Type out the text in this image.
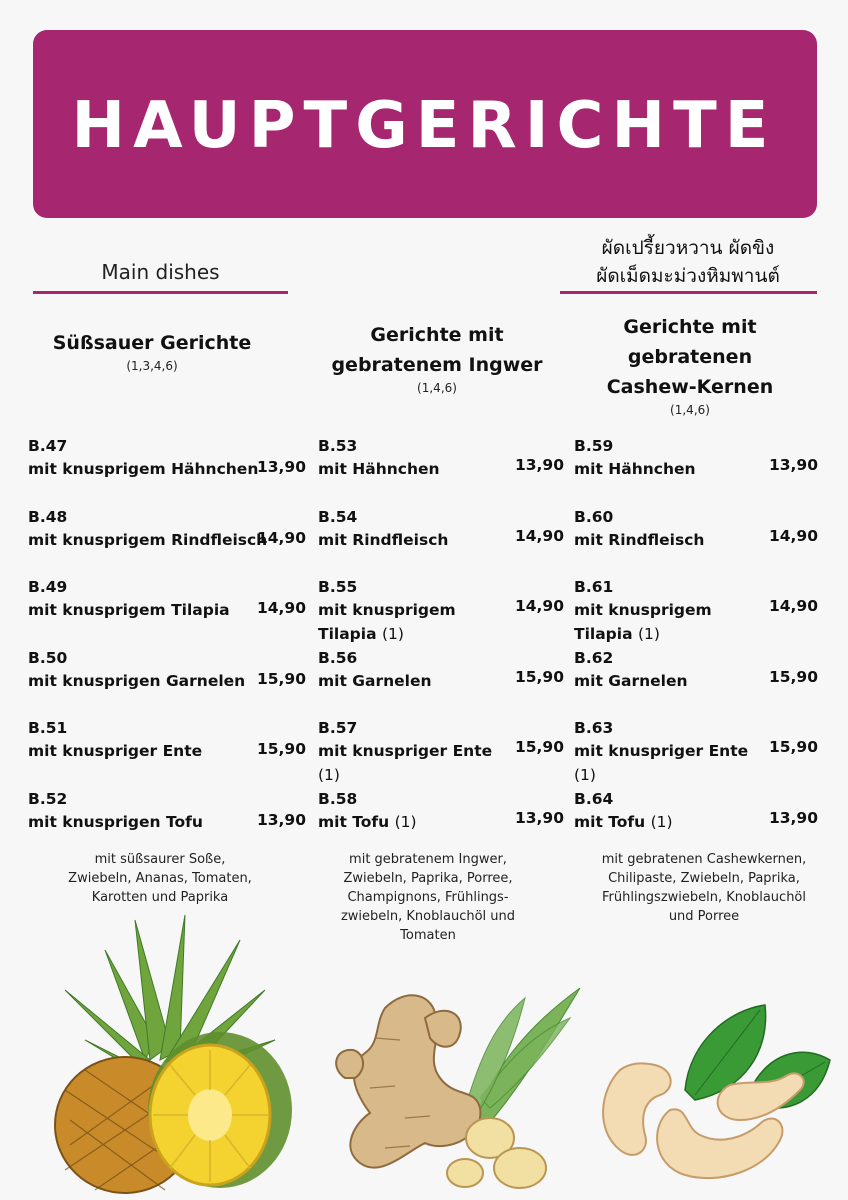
HAUPTGERICHTE
Main dishes
ผัดเปรี้ยวหวาน ผัดขิง
ผัดเม็ดมะม่วงหิมพานต์
Süßsauer Gerichte
(1,3,4,6)
Gerichte mit
gebratenem Ingwer
(1,4,6)
Gerichte mit
gebratenen
Cashew-Kernen
(1,4,6)
B.47
mit knusprigem Hähnchen
13,90
B.48
mit knusprigem Rindfleisch
14,90
B.49
mit knusprigem Tilapia	14,90
B.50
mit knusprigen Garnelen 15,90
B.51
mit knuspriger Ente	15,90
B.52
mit knusprigen Tofu	13,90
B.53
mit Hähnchen	13,90
B.54
mit Rindfleisch	14,90
B.55
mit knusprigem Tilapia (1)
14,90
B.56
mit Garnelen	15,90
B.57
mit knuspriger Ente (1)
15,90
B.58
mit Tofu (1)	13,90
B.59
mit Hähnchen	13,90
B.60
mit Rindfleisch	14,90
B.61
mit knusprigem Tilapia (1)
14,90
B.62
mit Garnelen	15,90
B.63
mit knuspriger Ente (1)
15,90
B.64
mit Tofu (1)	13,90
mit süßsaurer Soße,
Zwiebeln, Ananas, Tomaten,
Karotten und Paprika
mit gebratenem Ingwer,
Zwiebeln, Paprika, Porree,
Champignons, Frühlings-
zwiebeln, Knoblauchöl und
Tomaten
mit gebratenen Cashewkernen,
Chilipaste, Zwiebeln, Paprika,
Frühlingszwiebeln, Knoblauchöl
und Porree
